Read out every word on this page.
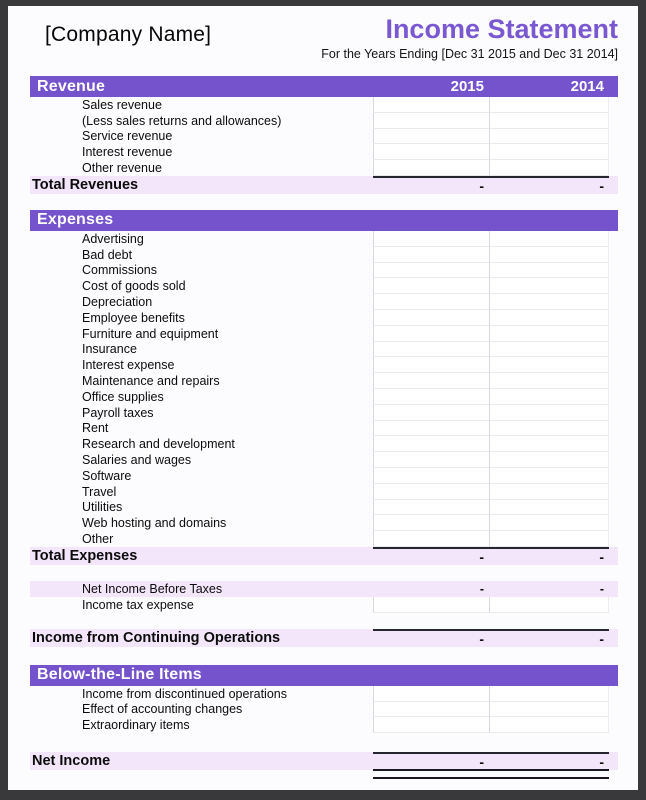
[Company Name]	Income Statement
For the Years Ending [Dec 31 2015 and Dec 31 2014]
Revenue	2015	2014
Sales revenue
(Less sales returns and allowances)
Service revenue
Interest revenue
Other revenue
Total Revenues	-	-
Expenses
Advertising
Bad debt
Commissions
Cost of goods sold
Depreciation
Employee benefits
Furniture and equipment
Insurance
Interest expense
Maintenance and repairs
Office supplies
Payroll taxes
Rent
Research and development
Salaries and wages
Software
Travel
Utilities
Web hosting and domains
Other
Total Expenses	-	-
Net Income Before Taxes	-	-
Income tax expense
Income from Continuing Operations	-	-
Below-the-Line Items
Income from discontinued operations
Effect of accounting changes
Extraordinary items
Net Income	-	-
